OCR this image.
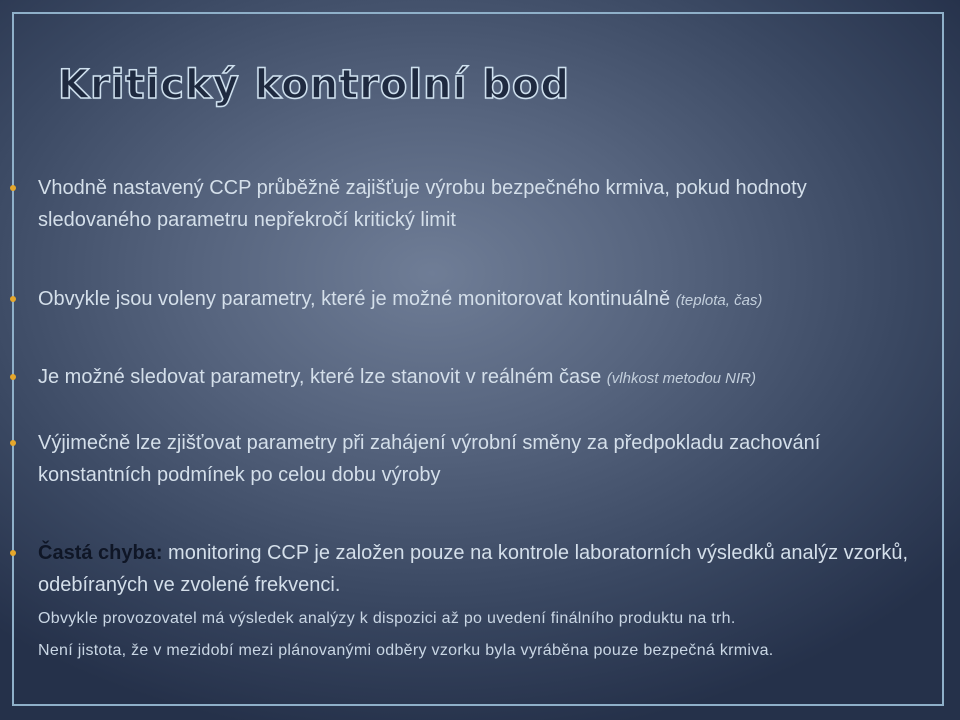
Kritický kontrolní bod

Vhodně nastavený CCP průběžně zajišťuje výrobu bezpečného krmiva, pokud hodnoty sledovaného parametru nepřekročí kritický limit

Obvykle jsou voleny parametry, které je možné monitorovat kontinuálně (teplota, čas)

Je možné sledovat parametry, které lze stanovit v reálném čase (vlhkost metodou NIR)

Výjimečně lze zjišťovat parametry při zahájení výrobní směny za předpokladu zachování konstantních podmínek po celou dobu výroby

Častá chyba: monitoring CCP je založen pouze na kontrole laboratorních výsledků analýz vzorků, odebíraných ve zvolené frekvenci.

Obvykle provozovatel má výsledek analýzy k dispozici až po uvedení finálního produktu na trh.

Není jistota, že v mezidobí mezi plánovanými odběry vzorku byla vyráběna pouze bezpečná krmiva.
